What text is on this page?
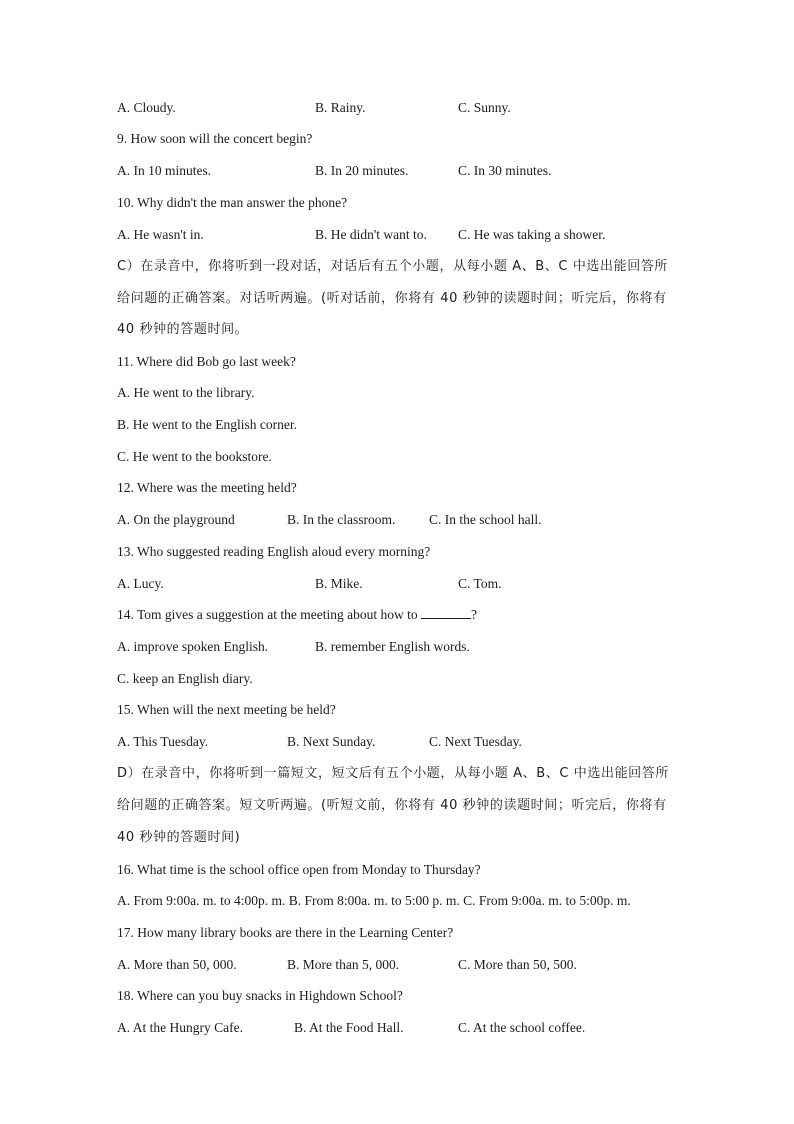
A. Cloudy.	B. Rainy.	C. Sunny.
9. How soon will the concert begin?
A. In 10 minutes.	B. In 20 minutes.	C. In 30 minutes.
10. Why didn't the man answer the phone?
A. He wasn't in.	B. He didn't want to. C. He was taking a shower.
C）在录音中，你将听到一段对话，对话后有五个小题，从每小题 A、B、C 中选出能回答所
给问题的正确答案。对话听两遍。(听对话前，你将有 40 秒钟的读题时间；听完后，你将有
40 秒钟的答题时间。
11. Where did Bob go last week?
A. He went to the library.
B. He went to the English corner.
C. He went to the bookstore.
12. Where was the meeting held?
A. On the playground	B. In the classroom. C. In the school hall.
13. Who suggested reading English aloud every morning?
A. Lucy.	B. Mike.	C. Tom.
14. Tom gives a suggestion at the meeting about how to	?
A. improve spoken English.	B. remember English words.
C. keep an English diary.
15. When will the next meeting be held?
A. This Tuesday.	B. Next Sunday.	C. Next Tuesday.
D）在录音中，你将听到一篇短文，短文后有五个小题，从每小题 A、B、C 中选出能回答所
给问题的正确答案。短文听两遍。(听短文前，你将有 40 秒钟的读题时间；听完后，你将有
40 秒钟的答题时间)
16. What time is the school office open from Monday to Thursday?
A. From 9:00a. m. to 4:00p. m. B. From 8:00a. m. to 5:00 p. m. C. From 9:00a. m. to 5:00p. m.
17. How many library books are there in the Learning Center?
A. More than 50, 000.	B. More than 5, 000.	C. More than 50, 500.
18. Where can you buy snacks in Highdown School?
A. At the Hungry Cafe.	B. At the Food Hall.	C. At the school coffee.
